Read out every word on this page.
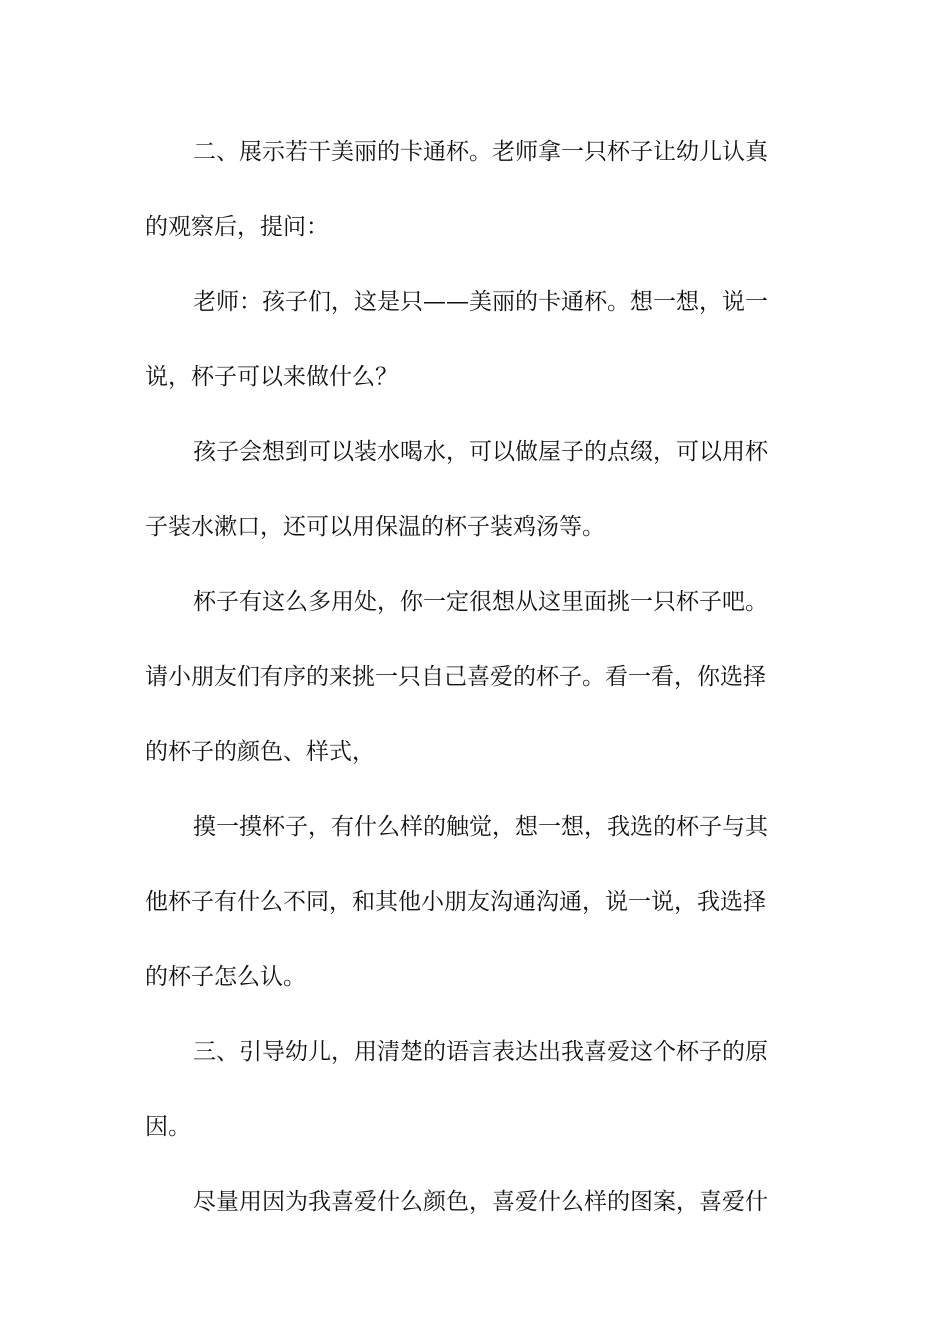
二、展示若干美丽的卡通杯。老师拿一只杯子让幼儿认真
的观察后，提问：
老师：孩子们，这是只——美丽的卡通杯。想一想，说一
说，杯子可以来做什么？
孩子会想到可以装水喝水，可以做屋子的点缀，可以用杯
子装水漱口，还可以用保温的杯子装鸡汤等。
杯子有这么多用处，你一定很想从这里面挑一只杯子吧。
请小朋友们有序的来挑一只自己喜爱的杯子。看一看，你选择
的杯子的颜色、样式，
摸一摸杯子，有什么样的触觉，想一想，我选的杯子与其
他杯子有什么不同，和其他小朋友沟通沟通，说一说，我选择
的杯子怎么认。
三、引导幼儿，用清楚的语言表达出我喜爱这个杯子的原
因。
尽量用因为我喜爱什么颜色，喜爱什么样的图案，喜爱什
